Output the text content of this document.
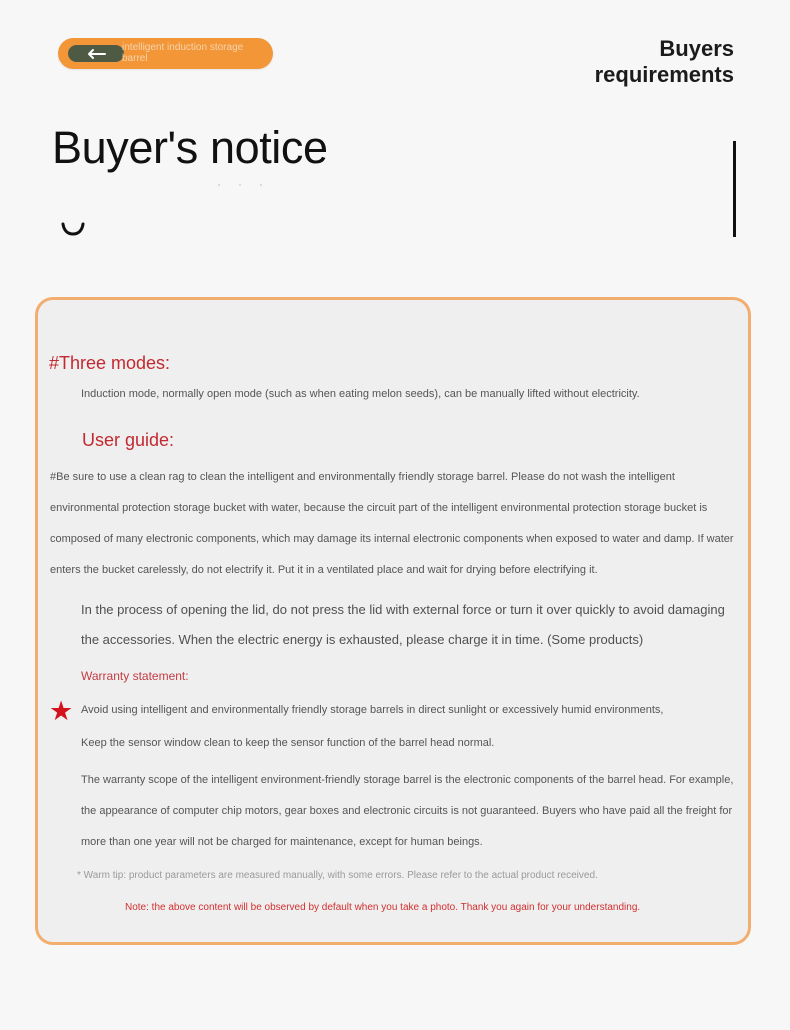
intelligent induction storage barrel	Buyers requirements
Buyer's notice
#Three modes:
Induction mode, normally open mode (such as when eating melon seeds), can be manually lifted without electricity.
User guide:
#Be sure to use a clean rag to clean the intelligent and environmentally friendly storage barrel. Please do not wash the intelligent environmental protection storage bucket with water, because the circuit part of the intelligent environmental protection storage bucket is composed of many electronic components, which may damage its internal electronic components when exposed to water and damp. If water enters the bucket carelessly, do not electrify it. Put it in a ventilated place and wait for drying before electrifying it.
In the process of opening the lid, do not press the lid with external force or turn it over quickly to avoid damaging the accessories. When the electric energy is exhausted, please charge it in time. (Some products)
Warranty statement:
★ Avoid using intelligent and environmentally friendly storage barrels in direct sunlight or excessively humid environments,
Keep the sensor window clean to keep the sensor function of the barrel head normal.
The warranty scope of the intelligent environment-friendly storage barrel is the electronic components of the barrel head. For example, the appearance of computer chip motors, gear boxes and electronic circuits is not guaranteed. Buyers who have paid all the freight for more than one year will not be charged for maintenance, except for human beings.
* Warm tip: product parameters are measured manually, with some errors. Please refer to the actual product received.
Note: the above content will be observed by default when you take a photo. Thank you again for your understanding.
